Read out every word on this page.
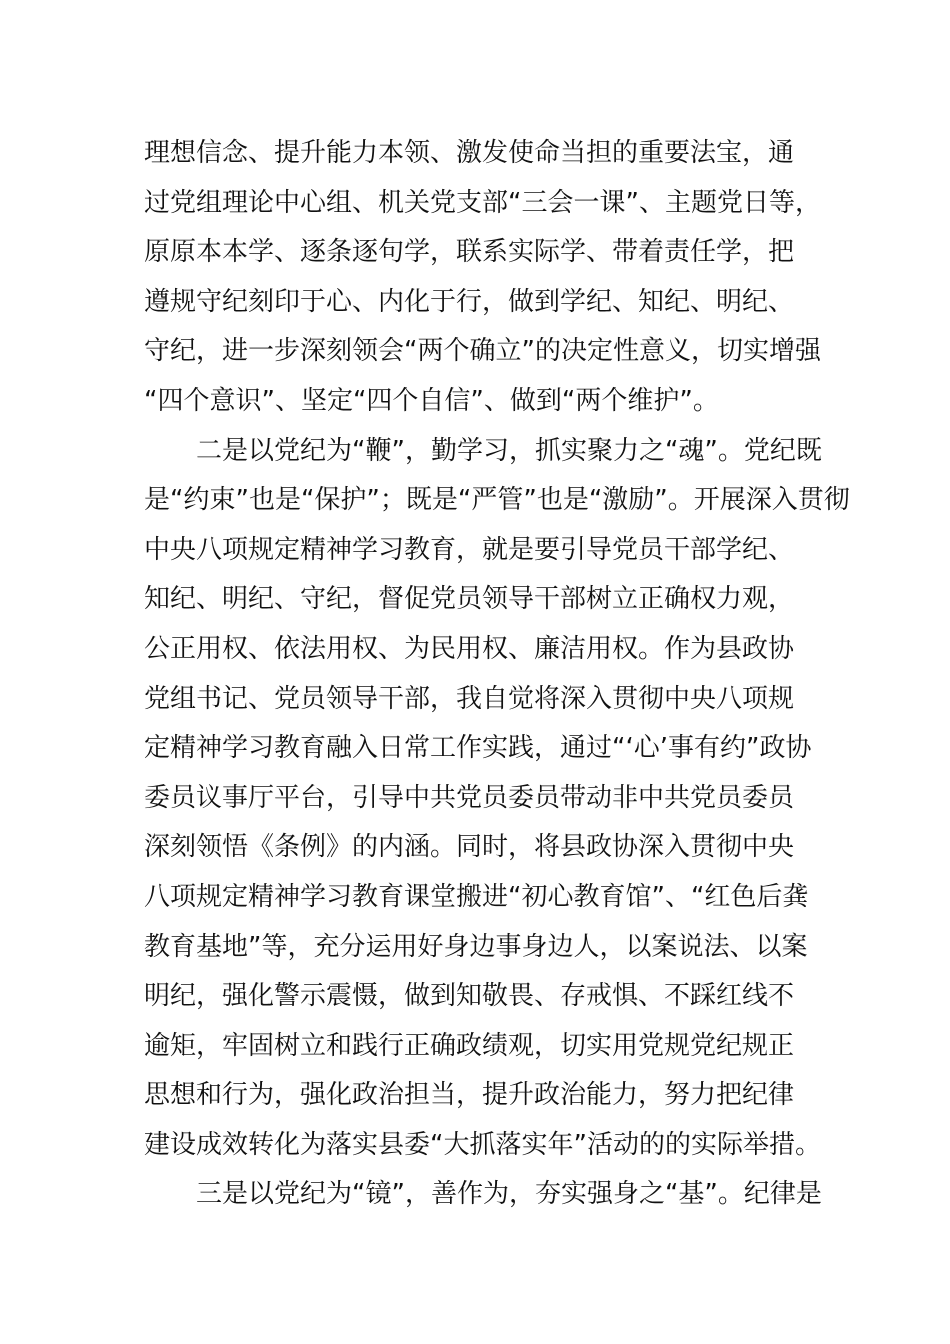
理想信念、提升能力本领、激发使命当担的重要法宝，通
过党组理论中心组、机关党支部“三会一课”、主题党日等，
原原本本学、逐条逐句学，联系实际学、带着责任学，把
遵规守纪刻印于心、内化于行，做到学纪、知纪、明纪、
守纪，进一步深刻领会“两个确立”的决定性意义，切实增强
“四个意识”、坚定“四个自信”、做到“两个维护”。
二是以党纪为“鞭”，勤学习，抓实聚力之“魂”。党纪既
是“约束”也是“保护”；既是“严管”也是“激励”。开展深入贯彻
中央八项规定精神学习教育，就是要引导党员干部学纪、
知纪、明纪、守纪，督促党员领导干部树立正确权力观，
公正用权、依法用权、为民用权、廉洁用权。作为县政协
党组书记、党员领导干部，我自觉将深入贯彻中央八项规
定精神学习教育融入日常工作实践，通过“‘心’事有约”政协
委员议事厅平台，引导中共党员委员带动非中共党员委员
深刻领悟《条例》的内涵。同时，将县政协深入贯彻中央
八项规定精神学习教育课堂搬进“初心教育馆”、“红色后龚
教育基地”等，充分运用好身边事身边人，以案说法、以案
明纪，强化警示震慑，做到知敬畏、存戒惧、不踩红线不
逾矩，牢固树立和践行正确政绩观，切实用党规党纪规正
思想和行为，强化政治担当，提升政治能力，努力把纪律
建设成效转化为落实县委“大抓落实年”活动的的实际举措。
三是以党纪为“镜”，善作为，夯实强身之“基”。纪律是
